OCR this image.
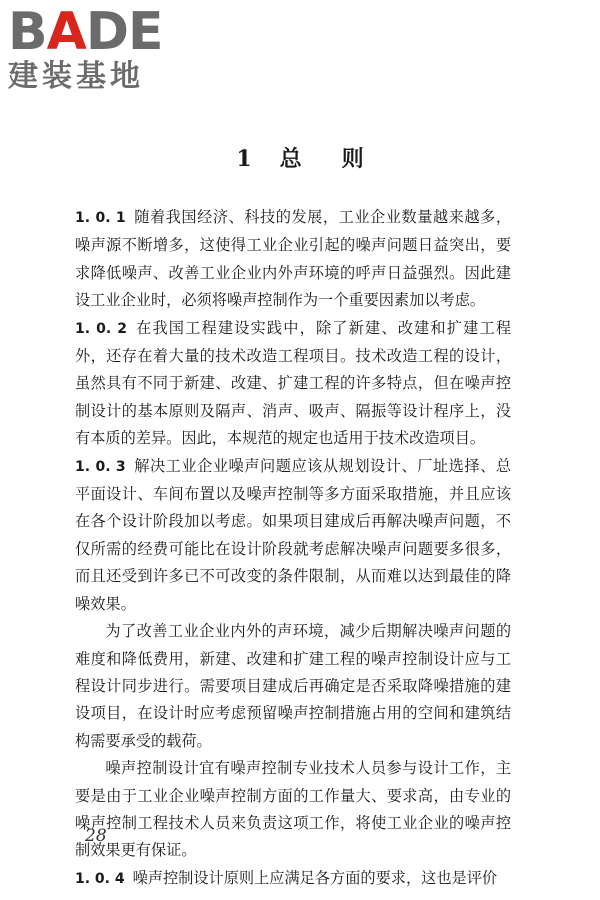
BADE
建装基地
1 总 则

1. 0. 1 随着我国经济、科技的发展，工业企业数量越来越多，噪声源不断增多，这使得工业企业引起的噪声问题日益突出，要求降低噪声、改善工业企业内外声环境的呼声日益强烈。因此建设工业企业时，必须将噪声控制作为一个重要因素加以考虑。

1. 0. 2 在我国工程建设实践中，除了新建、改建和扩建工程外，还存在着大量的技术改造工程项目。技术改造工程的设计，虽然具有不同于新建、改建、扩建工程的许多特点，但在噪声控制设计的基本原则及隔声、消声、吸声、隔振等设计程序上，没有本质的差异。因此，本规范的规定也适用于技术改造项目。

1. 0. 3 解决工业企业噪声问题应该从规划设计、厂址选择、总平面设计、车间布置以及噪声控制等多方面采取措施，并且应该在各个设计阶段加以考虑。如果项目建成后再解决噪声问题，不仅所需的经费可能比在设计阶段就考虑解决噪声问题要多很多，而且还受到许多已不可改变的条件限制，从而难以达到最佳的降噪效果。

为了改善工业企业内外的声环境，减少后期解决噪声问题的难度和降低费用，新建、改建和扩建工程的噪声控制设计应与工程设计同步进行。需要项目建成后再确定是否采取降噪措施的建设项目，在设计时应考虑预留噪声控制措施占用的空间和建筑结构需要承受的载荷。

噪声控制设计宜有噪声控制专业技术人员参与设计工作，主要是由于工业企业噪声控制方面的工作量大、要求高，由专业的噪声控制工程技术人员来负责这项工作，将使工业企业的噪声控制效果更有保证。

1. 0. 4 噪声控制设计原则上应满足各方面的要求，这也是评价

28
